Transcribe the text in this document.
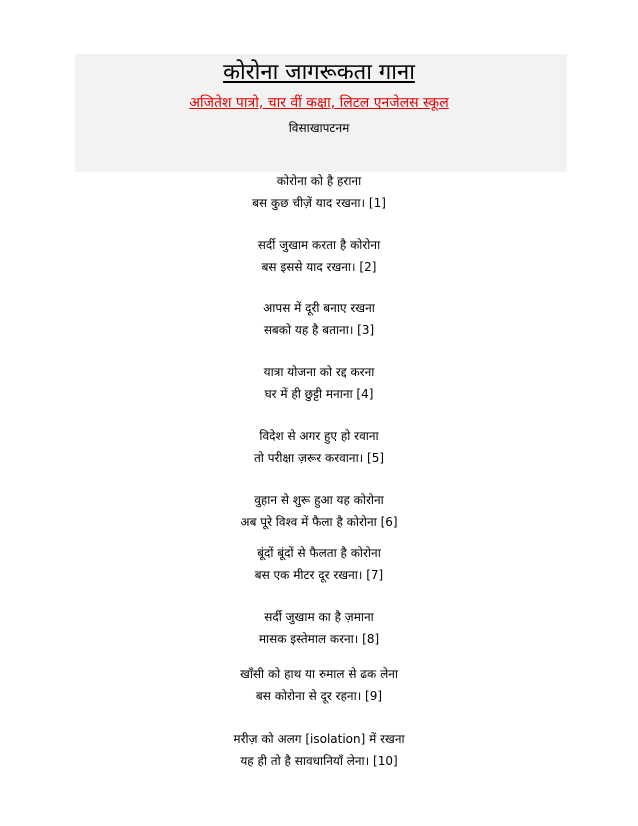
कोरोना जागरूकता गाना
अजितेश पात्रो, चार वीं कक्षा, लिटल एनजेलस स्कूल
विसाखापटनम
कोरोना को है हराना
बस कुछ चीज़ें याद रखना। [1]
सर्दी जुखाम करता है कोरोना
बस इससे याद रखना। [2]
आपस में दूरी बनाए रखना
सबको यह है बताना। [3]
यात्रा योजना को रद्द करना
घर में ही छुट्टी मनाना [4]
विदेश से अगर हुए हो रवाना
तो परीक्षा ज़रूर करवाना। [5]
वुहान से शुरू हुआ यह कोरोना
अब पूरे विश्व में फैला है कोरोना [6]
बूंदों बूंदों से फैलता है कोरोना
बस एक मीटर दूर रखना। [7]
सर्दी जुखाम का है ज़माना
मासक इस्तेमाल करना। [8]
खाँसी को हाथ या रुमाल से ढक लेना
बस कोरोना से दूर रहना। [9]
मरीज़ को अलग [isolation] में रखना
यह ही तो है सावधानियाँ लेना। [10]
